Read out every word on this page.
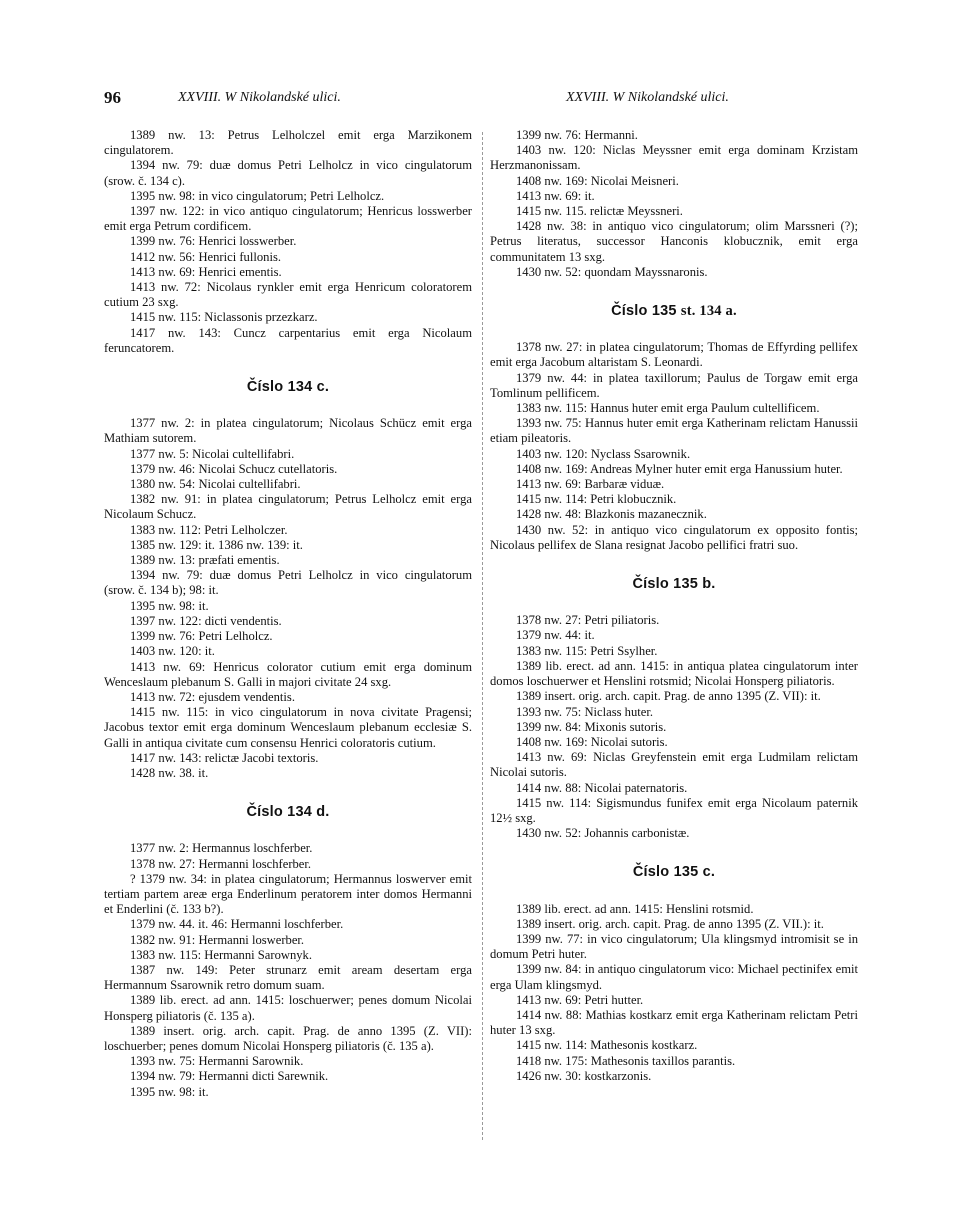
96	XXVIII. W Nikolandské ulici.	XXVIII. W Nikolandské ulici.

1389 nw. 13: Petrus Lelholczel emit erga Marzikonem cingulatorem.

1394 nw. 79: duæ domus Petri Lelholcz in vico cingulatorum (srow. č. 134 c).

1395 nw. 98: in vico cingulatorum; Petri Lelholcz.

1397 nw. 122: in vico antiquo cingulatorum; Henricus losswerber emit erga Petrum cordificem.

1399 nw. 76: Henrici losswerber.

1412 nw. 56: Henrici fullonis.

1413 nw. 69: Henrici ementis.

1413 nw. 72: Nicolaus rynkler emit erga Henricum coloratorem cutium 23 sxg.

1415 nw. 115: Niclassonis przezkarz.

1417 nw. 143: Cuncz carpentarius emit erga Nicolaum feruncatorem.

Číslo 134 c.

1377 nw. 2: in platea cingulatorum; Nicolaus Schücz emit erga Mathiam sutorem.

1377 nw. 5: Nicolai cultellifabri.

1379 nw. 46: Nicolai Schucz cutellatoris.

1380 nw. 54: Nicolai cultellifabri.

1382 nw. 91: in platea cingulatorum; Petrus Lelholcz emit erga Nicolaum Schucz.

1383 nw. 112: Petri Lelholczer.

1385 nw. 129: it. 1386 nw. 139: it.

1389 nw. 13: præfati ementis.

1394 nw. 79: duæ domus Petri Lelholcz in vico cingulatorum (srow. č. 134 b); 98: it.

1395 nw. 98: it.

1397 nw. 122: dicti vendentis.

1399 nw. 76: Petri Lelholcz.

1403 nw. 120: it.

1413 nw. 69: Henricus colorator cutium emit erga dominum Wenceslaum plebanum S. Galli in majori civitate 24 sxg.

1413 nw. 72: ejusdem vendentis.

1415 nw. 115: in vico cingulatorum in nova civitate Pragensi; Jacobus textor emit erga dominum Wenceslaum plebanum ecclesiæ S. Galli in antiqua civitate cum consensu Henrici coloratoris cutium.

1417 nw. 143: relictæ Jacobi textoris.

1428 nw. 38. it.

Číslo 134 d.

1377 nw. 2: Hermannus loschferber.

1378 nw. 27: Hermanni loschferber.

? 1379 nw. 34: in platea cingulatorum; Hermannus loswerver emit tertiam partem areæ erga Enderlinum peratorem inter domos Hermanni et Enderlini (č. 133 b?).

1379 nw. 44. it. 46: Hermanni loschferber.

1382 nw. 91: Hermanni loswerber.

1383 nw. 115: Hermanni Sarownyk.

1387 nw. 149: Peter strunarz emit aream desertam erga Hermannum Ssarownik retro domum suam.

1389 lib. erect. ad ann. 1415: loschuerwer; penes domum Nicolai Honsperg piliatoris (č. 135 a).

1389 insert. orig. arch. capit. Prag. de anno 1395 (Z. VII): loschuerber; penes domum Nicolai Honsperg piliatoris (č. 135 a).

1393 nw. 75: Hermanni Sarownik.

1394 nw. 79: Hermanni dicti Sarewnik.

1395 nw. 98: it.

1399 nw. 76: Hermanni.

1403 nw. 120: Niclas Meyssner emit erga dominam Krzistam Herzmanonissam.

1408 nw. 169: Nicolai Meisneri.

1413 nw. 69: it.

1415 nw. 115. relictæ Meyssneri.

1428 nw. 38: in antiquo vico cingulatorum; olim Marssneri (?); Petrus literatus, successor Hanconis klobucznik, emit erga communitatem 13 sxg.

1430 nw. 52: quondam Mayssnaronis.

Číslo 135 st. 134 a.

1378 nw. 27: in platea cingulatorum; Thomas de Effyrding pellifex emit erga Jacobum altaristam S. Leonardi.

1379 nw. 44: in platea taxillorum; Paulus de Torgaw emit erga Tomlinum pellificem.

1383 nw. 115: Hannus huter emit erga Paulum cultellificem.

1393 nw. 75: Hannus huter emit erga Katherinam relictam Hanussii etiam pileatoris.

1403 nw. 120: Nyclass Ssarownik.

1408 nw. 169: Andreas Mylner huter emit erga Hanussium huter.

1413 nw. 69: Barbaræ viduæ.

1415 nw. 114: Petri klobucznik.

1428 nw. 48: Blazkonis mazanecznik.

1430 nw. 52: in antiquo vico cingulatorum ex opposito fontis; Nicolaus pellifex de Slana resignat Jacobo pellifici fratri suo.

Číslo 135 b.

1378 nw. 27: Petri piliatoris.

1379 nw. 44: it.

1383 nw. 115: Petri Ssylher.

1389 lib. erect. ad ann. 1415: in antiqua platea cingulatorum inter domos loschuerwer et Henslini rotsmid; Nicolai Honsperg piliatoris.

1389 insert. orig. arch. capit. Prag. de anno 1395 (Z. VII): it.

1393 nw. 75: Niclass huter.

1399 nw. 84: Mixonis sutoris.

1408 nw. 169: Nicolai sutoris.

1413 nw. 69: Niclas Greyfenstein emit erga Ludmilam relictam Nicolai sutoris.

1414 nw. 88: Nicolai paternatoris.

1415 nw. 114: Sigismundus funifex emit erga Nicolaum paternik 12½ sxg.

1430 nw. 52: Johannis carbonistæ.

Číslo 135 c.

1389 lib. erect. ad ann. 1415: Henslini rotsmid.

1389 insert. orig. arch. capit. Prag. de anno 1395 (Z. VII.): it.

1399 nw. 77: in vico cingulatorum; Ula klingsmyd intromisit se in domum Petri huter.

1399 nw. 84: in antiquo cingulatorum vico: Michael pectinifex emit erga Ulam klingsmyd.

1413 nw. 69: Petri hutter.

1414 nw. 88: Mathias kostkarz emit erga Katherinam relictam Petri huter 13 sxg.

1415 nw. 114: Mathesonis kostkarz.

1418 nw. 175: Mathesonis taxillos parantis.

1426 nw. 30: kostkarzonis.
